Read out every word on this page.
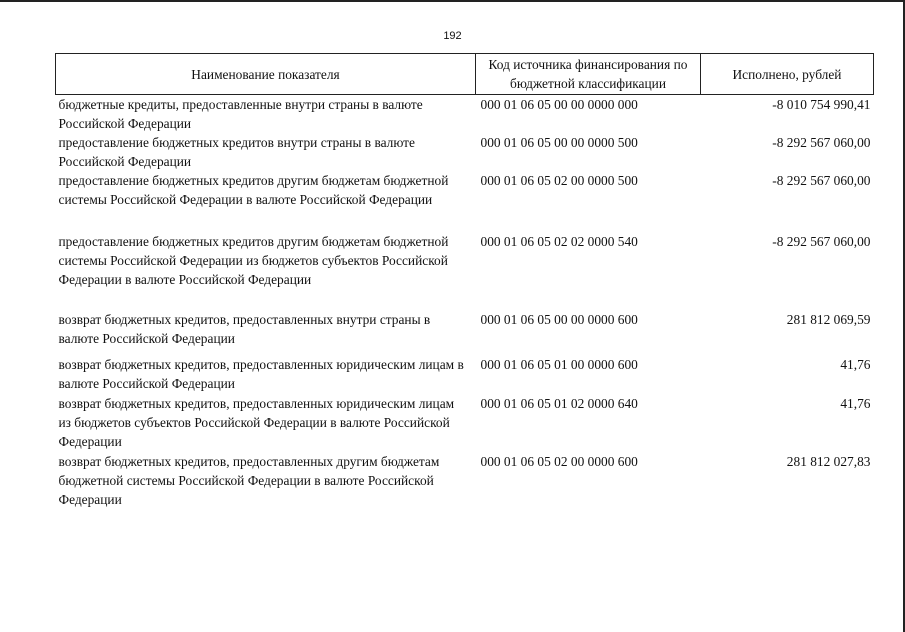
192
Наименование показателя	Код источника финансирования по бюджетной классификации	Исполнено, рублей
бюджетные кредиты, предоставленные внутри страны в валюте Российской Федерации	000 01 06 05 00 00 0000 000	-8 010 754 990,41
предоставление бюджетных кредитов внутри страны в валюте Российской Федерации	000 01 06 05 00 00 0000 500	-8 292 567 060,00
предоставление бюджетных кредитов другим бюджетам бюджетной системы Российской Федерации в валюте Российской Федерации	000 01 06 05 02 00 0000 500	-8 292 567 060,00
предоставление бюджетных кредитов другим бюджетам бюджетной системы Российской Федерации из бюджетов субъектов Российской Федерации в валюте Российской Федерации	000 01 06 05 02 02 0000 540	-8 292 567 060,00
возврат бюджетных кредитов, предоставленных внутри страны в валюте Российской Федерации	000 01 06 05 00 00 0000 600	281 812 069,59
возврат бюджетных кредитов, предоставленных юридическим лицам в валюте Российской Федерации	000 01 06 05 01 00 0000 600	41,76
возврат бюджетных кредитов, предоставленных юридическим лицам из бюджетов субъектов Российской Федерации в валюте Российской Федерации	000 01 06 05 01 02 0000 640	41,76
возврат бюджетных кредитов, предоставленных другим бюджетам бюджетной системы Российской Федерации в валюте Российской Федерации	000 01 06 05 02 00 0000 600	281 812 027,83
